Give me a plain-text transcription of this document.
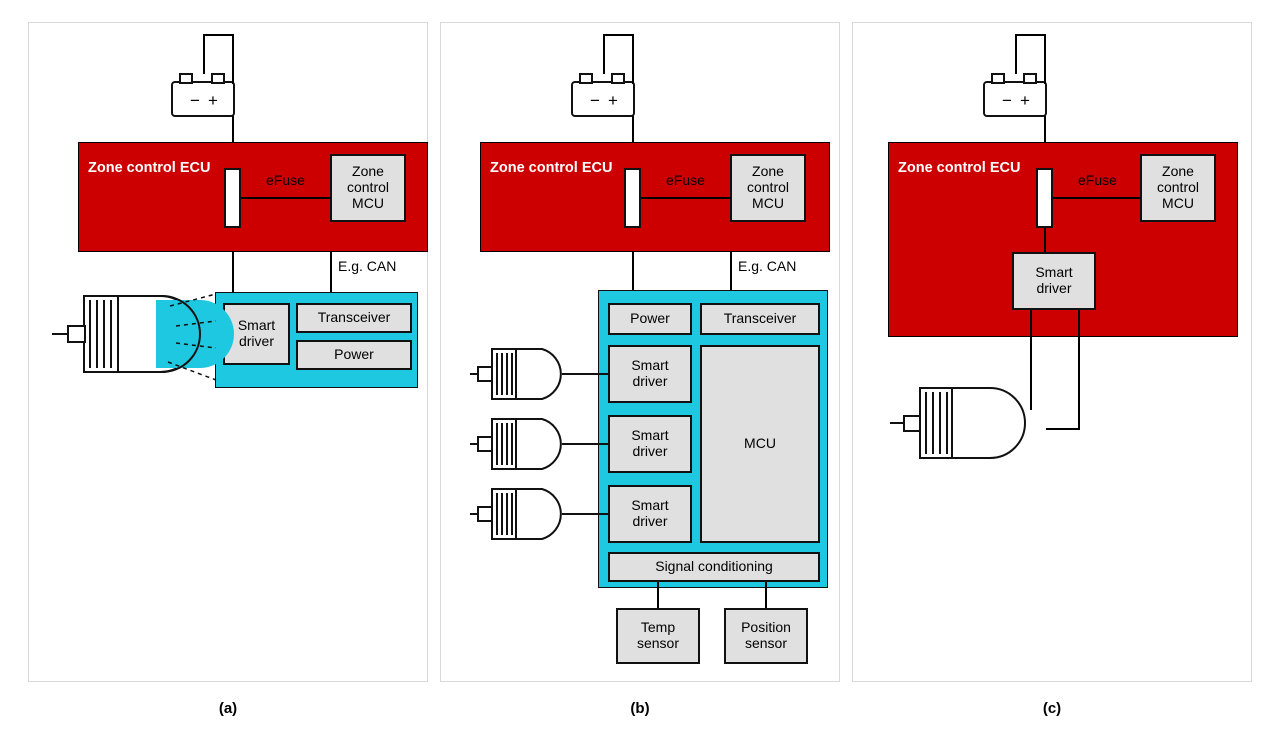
− +
Zone control ECU
eFuse
Zone
control
MCU
E.g. CAN
Smart
driver
Transceiver
Power
(a)
− +
Zone control ECU
eFuse
Zone
control
MCU
E.g. CAN
Power	Transceiver
Smart
driver
Smart
driver
Smart
driver
MCU
Signal conditioning
Temp
sensor
Position
sensor
(b)
− +
Zone control ECU
eFuse
Zone
control
MCU
Smart
driver
(c)
